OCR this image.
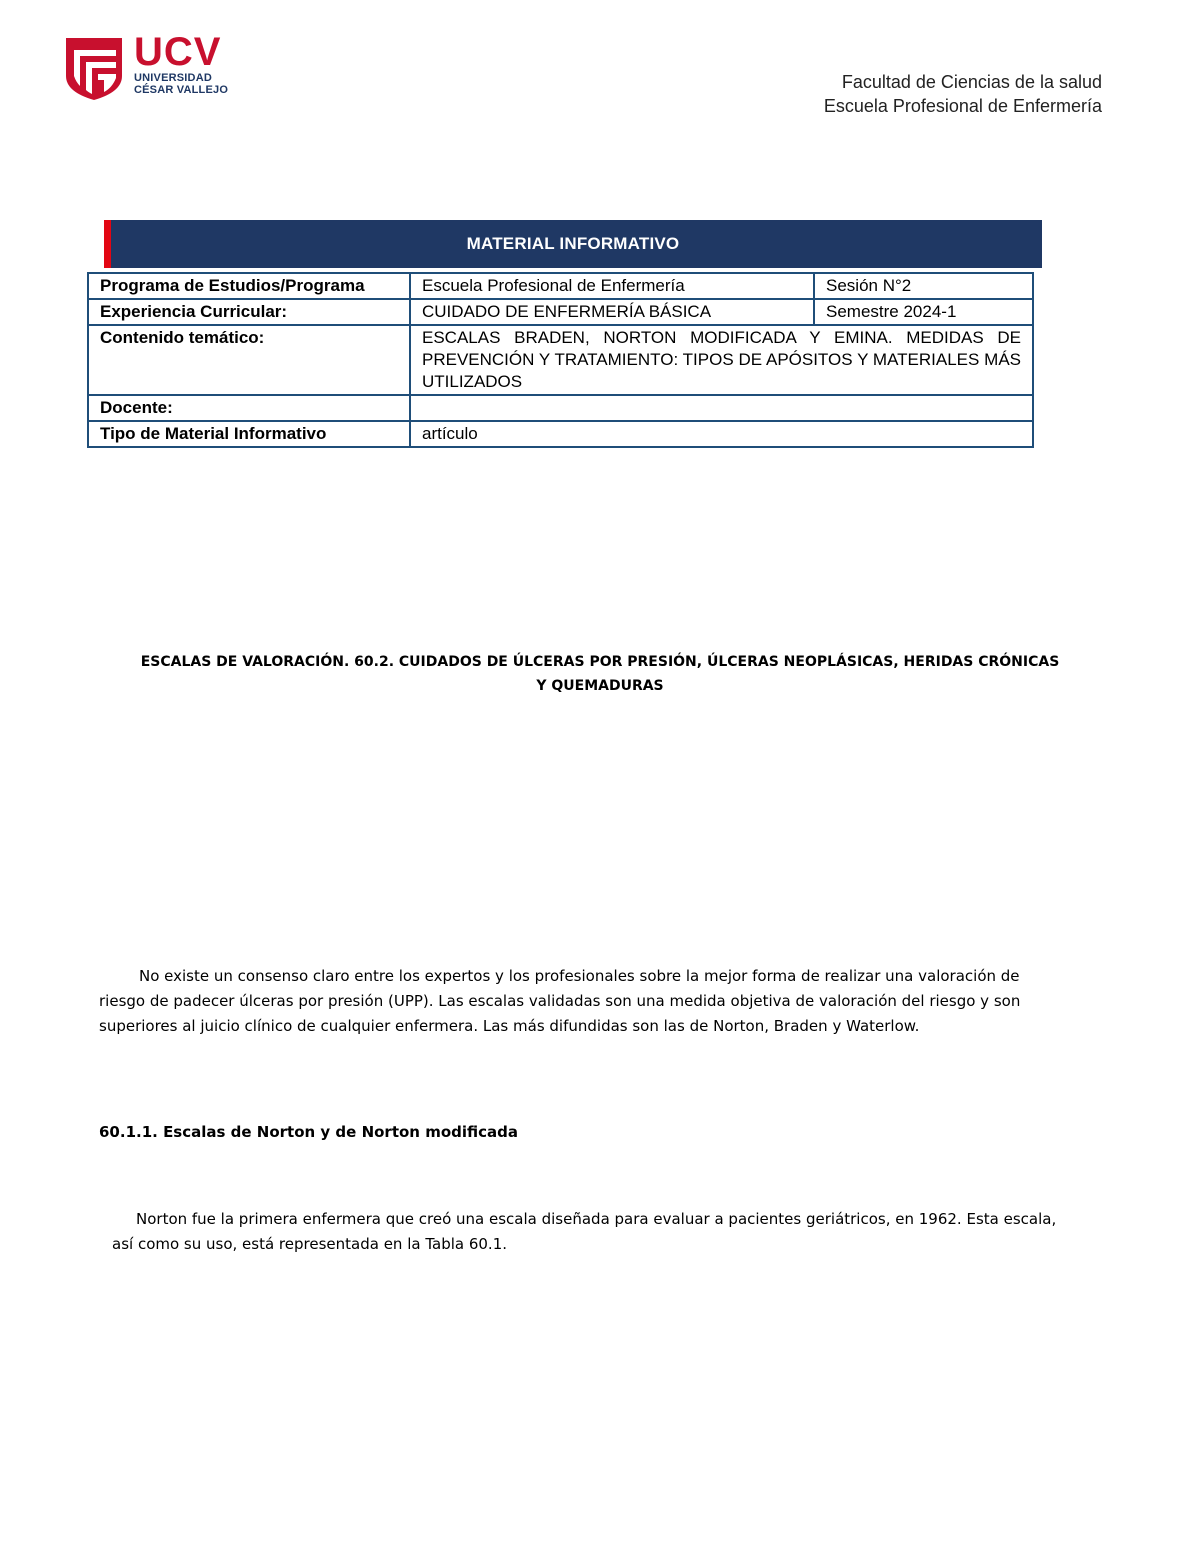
UCV
UNIVERSIDAD
CÉSAR VALLEJO	Facultad de Ciencias de la salud
Escuela Profesional de Enfermería
MATERIAL INFORMATIVO
Programa de Estudios/Programa	Escuela Profesional de Enfermería	Sesión N°2
Experiencia Curricular:	CUIDADO DE ENFERMERÍA BÁSICA	Semestre 2024-1
Contenido temático:	ESCALAS BRADEN, NORTON MODIFICADA Y EMINA. MEDIDAS DE PREVENCIÓN Y TRATAMIENTO: TIPOS DE APÓSITOS Y MATERIALES MÁS UTILIZADOS	
Docente:		
Tipo de Material Informativo	artículo	
ESCALAS DE VALORACIÓN. 60.2. CUIDADOS DE ÚLCERAS POR PRESIÓN, ÚLCERAS NEOPLÁSICAS, HERIDAS CRÓNICAS Y QUEMADURAS
No existe un consenso claro entre los expertos y los profesionales sobre la mejor forma de realizar una valoración de riesgo de padecer úlceras por presión (UPP). Las escalas validadas son una medida objetiva de valoración del riesgo y son superiores al juicio clínico de cualquier enfermera. Las más difundidas son las de Norton, Braden y Waterlow.
60.1.1. Escalas de Norton y de Norton modificada
Norton fue la primera enfermera que creó una escala diseñada para evaluar a pacientes geriátricos, en 1962. Esta escala, así como su uso, está representada en la Tabla 60.1.
